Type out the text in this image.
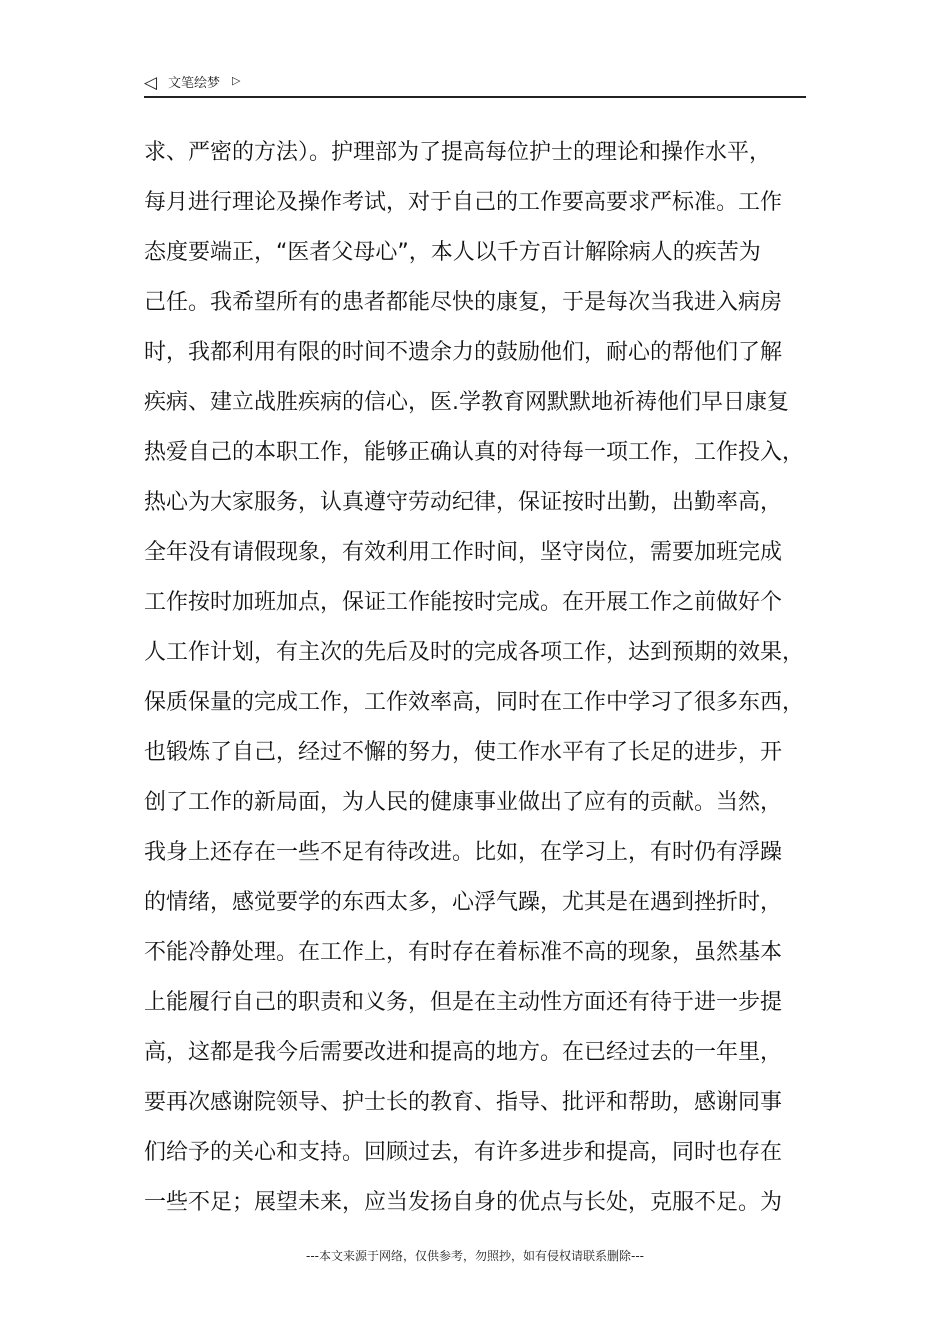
◁ 文笔绘梦 ▷
求、严密的方法）。护理部为了提高每位护士的理论和操作水平，
每月进行理论及操作考试，对于自己的工作要高要求严标准。工作
态度要端正，“医者父母心”，本人以千方百计解除病人的疾苦为
己任。我希望所有的患者都能尽快的康复，于是每次当我进入病房
时，我都利用有限的时间不遗余力的鼓励他们，耐心的帮他们了解
疾病、建立战胜疾病的信心，医.学教育网默默地祈祷他们早日康复
热爱自己的本职工作，能够正确认真的对待每一项工作，工作投入，
热心为大家服务，认真遵守劳动纪律，保证按时出勤，出勤率高，
全年没有请假现象，有效利用工作时间，坚守岗位，需要加班完成
工作按时加班加点，保证工作能按时完成。在开展工作之前做好个
人工作计划，有主次的先后及时的完成各项工作，达到预期的效果，
保质保量的完成工作，工作效率高，同时在工作中学习了很多东西，
也锻炼了自己，经过不懈的努力，使工作水平有了长足的进步，开
创了工作的新局面，为人民的健康事业做出了应有的贡献。当然，
我身上还存在一些不足有待改进。比如，在学习上，有时仍有浮躁
的情绪，感觉要学的东西太多，心浮气躁，尤其是在遇到挫折时，
不能冷静处理。在工作上，有时存在着标准不高的现象，虽然基本
上能履行自己的职责和义务，但是在主动性方面还有待于进一步提
高，这都是我今后需要改进和提高的地方。在已经过去的一年里，
要再次感谢院领导、护士长的教育、指导、批评和帮助，感谢同事
们给予的关心和支持。回顾过去，有许多进步和提高，同时也存在
一些不足；展望未来，应当发扬自身的优点与长处，克服不足。为
---本文来源于网络，仅供参考，勿照抄，如有侵权请联系删除---
